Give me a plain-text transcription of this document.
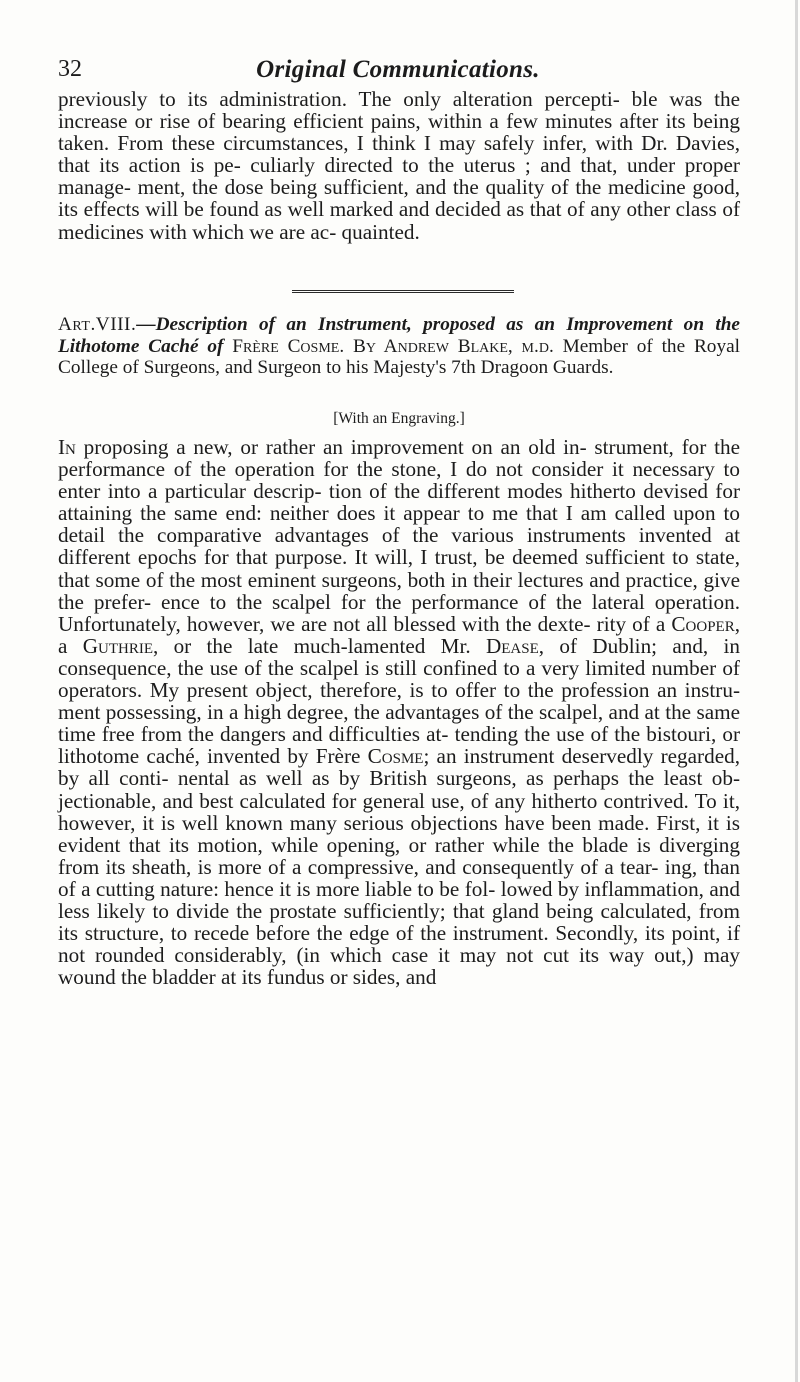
32	Original Communications.

previously to its administration. The only alteration percepti- ble was the increase or rise of bearing efficient pains, within a few minutes after its being taken. From these circumstances, I think I may safely infer, with Dr. Davies, that its action is pe- culiarly directed to the uterus ; and that, under proper manage- ment, the dose being sufficient, and the quality of the medicine good, its effects will be found as well marked and decided as that of any other class of medicines with which we are ac- quainted.

Art.VIII.—Description of an Instrument, proposed as an Improvement on the Lithotome Caché of Frère Cosme. By Andrew Blake, m.d. Member of the Royal College of Surgeons, and Surgeon to his Majesty's 7th Dragoon Guards.

[With an Engraving.]

In proposing a new, or rather an improvement on an old in- strument, for the performance of the operation for the stone, I do not consider it necessary to enter into a particular descrip- tion of the different modes hitherto devised for attaining the same end: neither does it appear to me that I am called upon to detail the comparative advantages of the various instruments invented at different epochs for that purpose. It will, I trust, be deemed sufficient to state, that some of the most eminent surgeons, both in their lectures and practice, give the prefer- ence to the scalpel for the performance of the lateral operation. Unfortunately, however, we are not all blessed with the dexte- rity of a Cooper, a Guthrie, or the late much-lamented Mr. Dease, of Dublin; and, in consequence, the use of the scalpel is still confined to a very limited number of operators. My present object, therefore, is to offer to the profession an instru- ment possessing, in a high degree, the advantages of the scalpel, and at the same time free from the dangers and difficulties at- tending the use of the bistouri, or lithotome caché, invented by Frère Cosme; an instrument deservedly regarded, by all conti- nental as well as by British surgeons, as perhaps the least ob- jectionable, and best calculated for general use, of any hitherto contrived. To it, however, it is well known many serious objections have been made. First, it is evident that its motion, while opening, or rather while the blade is diverging from its sheath, is more of a compressive, and consequently of a tear- ing, than of a cutting nature: hence it is more liable to be fol- lowed by inflammation, and less likely to divide the prostate sufficiently; that gland being calculated, from its structure, to recede before the edge of the instrument. Secondly, its point, if not rounded considerably, (in which case it may not cut its way out,) may wound the bladder at its fundus or sides, and
